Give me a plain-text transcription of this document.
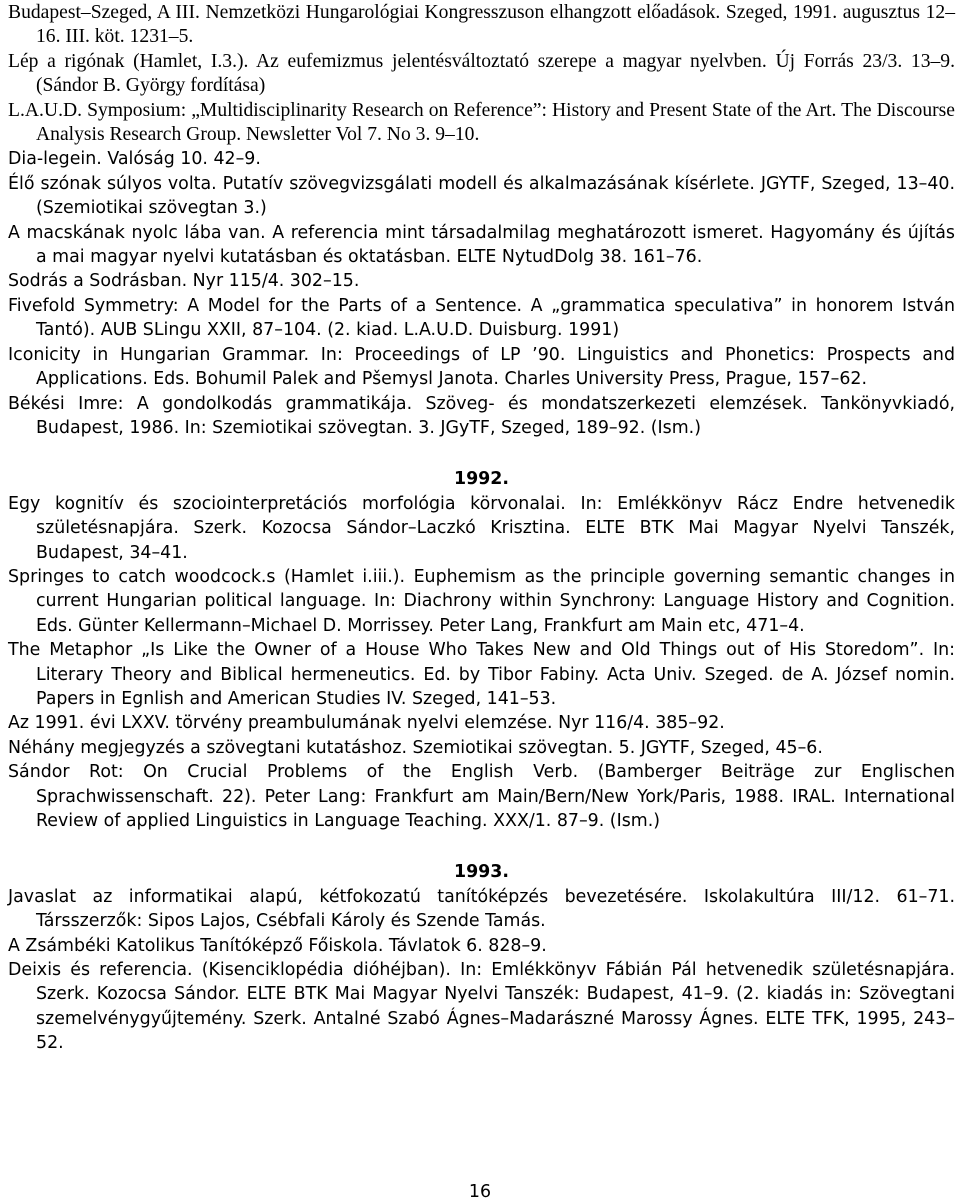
Budapest–Szeged, A III. Nemzetközi Hungarológiai Kongresszuson elhangzott előadások. Szeged, 1991. augusztus 12–16. III. köt. 1231–5.

Lép a rigónak (Hamlet, I.3.). Az eufemizmus jelentésváltoztató szerepe a magyar nyelvben. Új Forrás 23/3. 13–9. (Sándor B. György fordítása)

L.A.U.D. Symposium: „Multidisciplinarity Research on Reference”: History and Present State of the Art. The Discourse Analysis Research Group. Newsletter Vol 7. No 3. 9–10.

Dia-legein. Valóság 10. 42–9.

Élő szónak súlyos volta. Putatív szövegvizsgálati modell és alkalmazásának kísérlete. JGYTF, Szeged, 13–40. (Szemiotikai szövegtan 3.)

A macskának nyolc lába van. A referencia mint társadalmilag meghatározott ismeret. Hagyomány és újítás a mai magyar nyelvi kutatásban és oktatásban. ELTE NytudDolg 38. 161–76.

Sodrás a Sodrásban. Nyr 115/4. 302–15.

Fivefold Symmetry: A Model for the Parts of a Sentence. A „grammatica speculativa” in honorem István Tantó). AUB SLingu XXII, 87–104. (2. kiad. L.A.U.D. Duisburg. 1991)

Iconicity in Hungarian Grammar. In: Proceedings of LP ’90. Linguistics and Phonetics: Prospects and Applications. Eds. Bohumil Palek and Pšemysl Janota. Charles University Press, Prague, 157–62.

Békési Imre: A gondolkodás grammatikája. Szöveg- és mondatszerkezeti elemzések. Tankönyvkiadó, Budapest, 1986. In: Szemiotikai szövegtan. 3. JGyTF, Szeged, 189–92. (Ism.)

1992.

Egy kognitív és szociointerpretációs morfológia körvonalai. In: Emlékkönyv Rácz Endre hetvenedik születésnapjára. Szerk. Kozocsa Sándor–Laczkó Krisztina. ELTE BTK Mai Magyar Nyelvi Tanszék, Budapest, 34–41.

Springes to catch woodcock.s (Hamlet i.iii.). Euphemism as the principle governing semantic changes in current Hungarian political language. In: Diachrony within Synchrony: Language History and Cognition. Eds. Günter Kellermann–Michael D. Morrissey. Peter Lang, Frankfurt am Main etc, 471–4.

The Metaphor „Is Like the Owner of a House Who Takes New and Old Things out of His Storedom”. In: Literary Theory and Biblical hermeneutics. Ed. by Tibor Fabiny. Acta Univ. Szeged. de A. József nomin. Papers in Egnlish and American Studies IV. Szeged, 141–53.

Az 1991. évi LXXV. törvény preambulumának nyelvi elemzése. Nyr 116/4. 385–92.

Néhány megjegyzés a szövegtani kutatáshoz. Szemiotikai szövegtan. 5. JGYTF, Szeged, 45–6.

Sándor Rot: On Crucial Problems of the English Verb. (Bamberger Beiträge zur Englischen Sprachwissenschaft. 22). Peter Lang: Frankfurt am Main/Bern/New York/Paris, 1988. IRAL. International Review of applied Linguistics in Language Teaching. XXX/1. 87–9. (Ism.)

1993.

Javaslat az informatikai alapú, kétfokozatú tanítóképzés bevezetésére. Iskolakultúra III/12. 61–71. Társszerzők: Sipos Lajos, Csébfali Károly és Szende Tamás.

A Zsámbéki Katolikus Tanítóképző Főiskola. Távlatok 6. 828–9.

Deixis és referencia. (Kisenciklopédia dióhéjban). In: Emlékkönyv Fábián Pál hetvenedik születésnapjára. Szerk. Kozocsa Sándor. ELTE BTK Mai Magyar Nyelvi Tanszék: Budapest, 41–9. (2. kiadás in: Szövegtani szemelvénygyűjtemény. Szerk. Antalné Szabó Ágnes–Madarászné Marossy Ágnes. ELTE TFK, 1995, 243–52.

16
